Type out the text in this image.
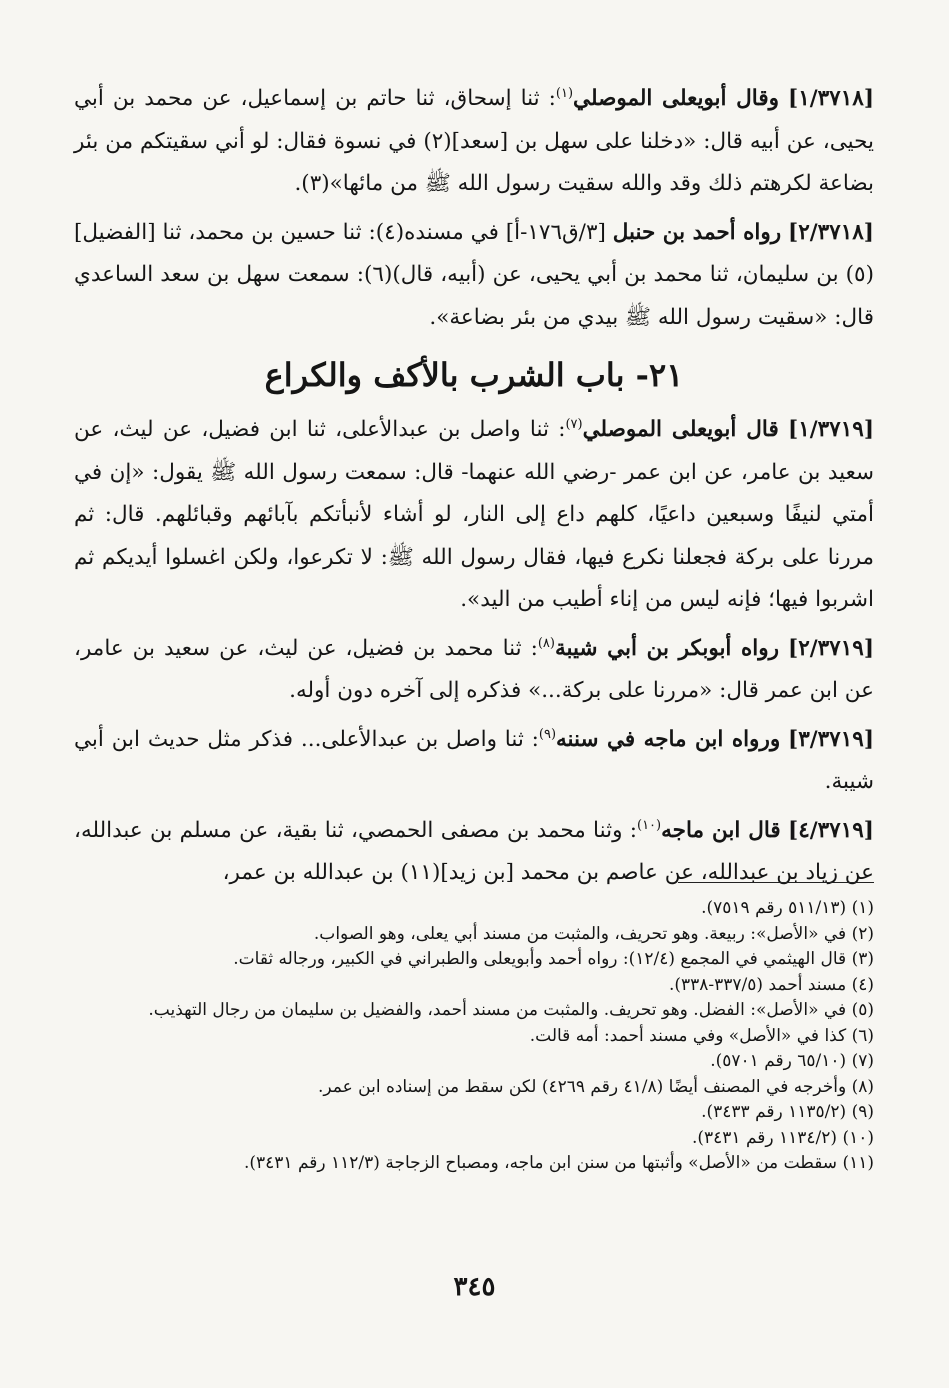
[١/٣٧١٨] وقال أبويعلى الموصلي$^{(١)}$: ثنا إسحاق، ثنا حاتم بن إسماعيل، عن محمد بن أبي يحيى، عن أبيه قال: «دخلنا على سهل بن [سعد](٢) في نسوة فقال: لو أني سقيتكم من بئر بضاعة لكرهتم ذلك وقد والله سقيت رسول الله ﷺ من مائها»(٣).

[٢/٣٧١٨] رواه أحمد بن حنبل [٣/ق١٧٦-أ] في مسنده(٤): ثنا حسين بن محمد، ثنا [الفضيل](٥) بن سليمان، ثنا محمد بن أبي يحيى، عن (أبيه، قال)(٦): سمعت سهل بن سعد الساعدي قال: «سقيت رسول الله ﷺ بيدي من بئر بضاعة».

٢١- باب الشرب بالأكف والكراع

[١/٣٧١٩] قال أبويعلى الموصلي$^{(٧)}$: ثنا واصل بن عبدالأعلى، ثنا ابن فضيل، عن ليث، عن سعيد بن عامر، عن ابن عمر -رضي الله عنهما- قال: سمعت رسول الله ﷺ يقول: «إن في أمتي لنيفًا وسبعين داعيًا، كلهم داع إلى النار، لو أشاء لأنبأتكم بآبائهم وقبائلهم. قال: ثم مررنا على بركة فجعلنا نكرع فيها، فقال رسول الله ﷺ: لا تكرعوا، ولكن اغسلوا أيديكم ثم اشربوا فيها؛ فإنه ليس من إناء أطيب من اليد».

[٢/٣٧١٩] رواه أبوبكر بن أبي شيبة$^{(٨)}$: ثنا محمد بن فضيل، عن ليث، عن سعيد بن عامر، عن ابن عمر قال: «مررنا على بركة...» فذكره إلى آخره دون أوله.

[٣/٣٧١٩] ورواه ابن ماجه في سننه$^{(٩)}$: ثنا واصل بن عبدالأعلى... فذكر مثل حديث ابن أبي شيبة.

[٤/٣٧١٩] قال ابن ماجه$^{(١٠)}$: وثنا محمد بن مصفى الحمصي، ثنا بقية، عن مسلم بن عبدالله، عن زياد بن عبدالله، عن عاصم بن محمد [بن زيد](١١) بن عبدالله بن عمر،

(١) (٥١١/١٣ رقم ٧٥١٩).

(٢) في «الأصل»: ربيعة. وهو تحريف، والمثبت من مسند أبي يعلى، وهو الصواب.

(٣) قال الهيثمي في المجمع (١٢/٤): رواه أحمد وأبويعلى والطبراني في الكبير، ورجاله ثقات.

(٤) مسند أحمد (٣٣٧/٥-٣٣٨).

(٥) في «الأصل»: الفضل. وهو تحريف. والمثبت من مسند أحمد، والفضيل بن سليمان من رجال التهذيب.

(٦) كذا في «الأصل» وفي مسند أحمد: أمه قالت.

(٧) (٦٥/١٠ رقم ٥٧٠١).

(٨) وأخرجه في المصنف أيضًا (٤١/٨ رقم ٤٢٦٩) لكن سقط من إسناده ابن عمر.

(٩) (١١٣٥/٢ رقم ٣٤٣٣).

(١٠) (١١٣٤/٢ رقم ٣٤٣١).

(١١) سقطت من «الأصل» وأثبتها من سنن ابن ماجه، ومصباح الزجاجة (١١٢/٣ رقم ٣٤٣١).

٣٤٥
